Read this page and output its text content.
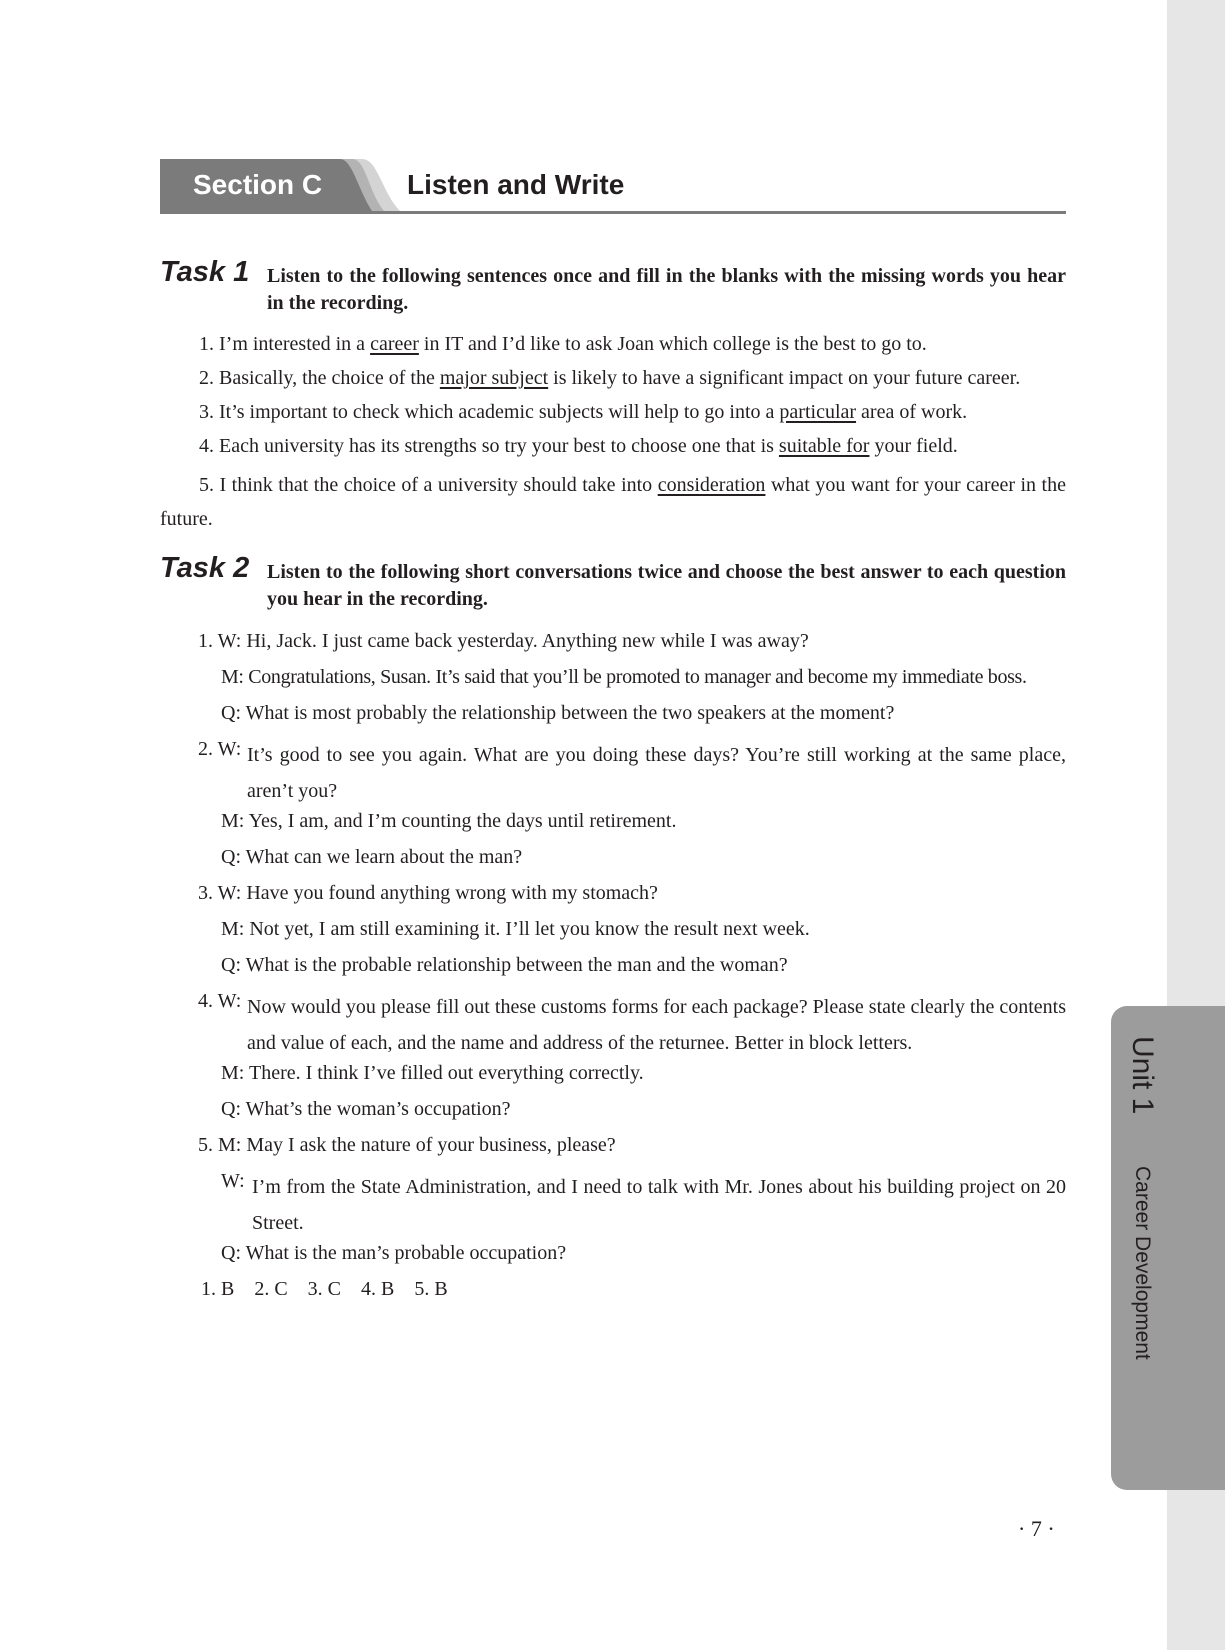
Unit 1Career Development
Section C	Listen and Write
Task 1 Listen to the following sentences once and fill in the blanks with the missing words you hear in the recording.

1. I’m interested in a career in IT and I’d like to ask Joan which college is the best to go to.

2. Basically, the choice of the major subject is likely to have a significant impact on your future career.

3. It’s important to check which academic subjects will help to go into a particular area of work.

4. Each university has its strengths so try your best to choose one that is suitable for your field.

5. I think that the choice of a university should take into consideration what you want for your career in the future.

Task 2 Listen to the following short conversations twice and choose the best answer to each question you hear in the recording.

1. W: Hi, Jack. I just came back yesterday. Anything new while I was away?

M: Congratulations, Susan. It’s said that you’ll be promoted to manager and become my immediate boss.

Q: What is most probably the relationship between the two speakers at the moment?

2. W: It’s good to see you again. What are you doing these days? You’re still working at the same place, aren’t you?

M: Yes, I am, and I’m counting the days until retirement.

Q: What can we learn about the man?

3. W: Have you found anything wrong with my stomach?

M: Not yet, I am still examining it. I’ll let you know the result next week.

Q: What is the probable relationship between the man and the woman?

4. W: Now would you please fill out these customs forms for each package? Please state clearly the contents and value of each, and the name and address of the returnee. Better in block letters.

M: There. I think I’ve filled out everything correctly.

Q: What’s the woman’s occupation?

5. M: May I ask the nature of your business, please?

W: I’m from the State Administration, and I need to talk with Mr. Jones about his building project on 20 Street.

Q: What is the man’s probable occupation?

1. B    2. C    3. C    4. B    5. B

· 7 ·
